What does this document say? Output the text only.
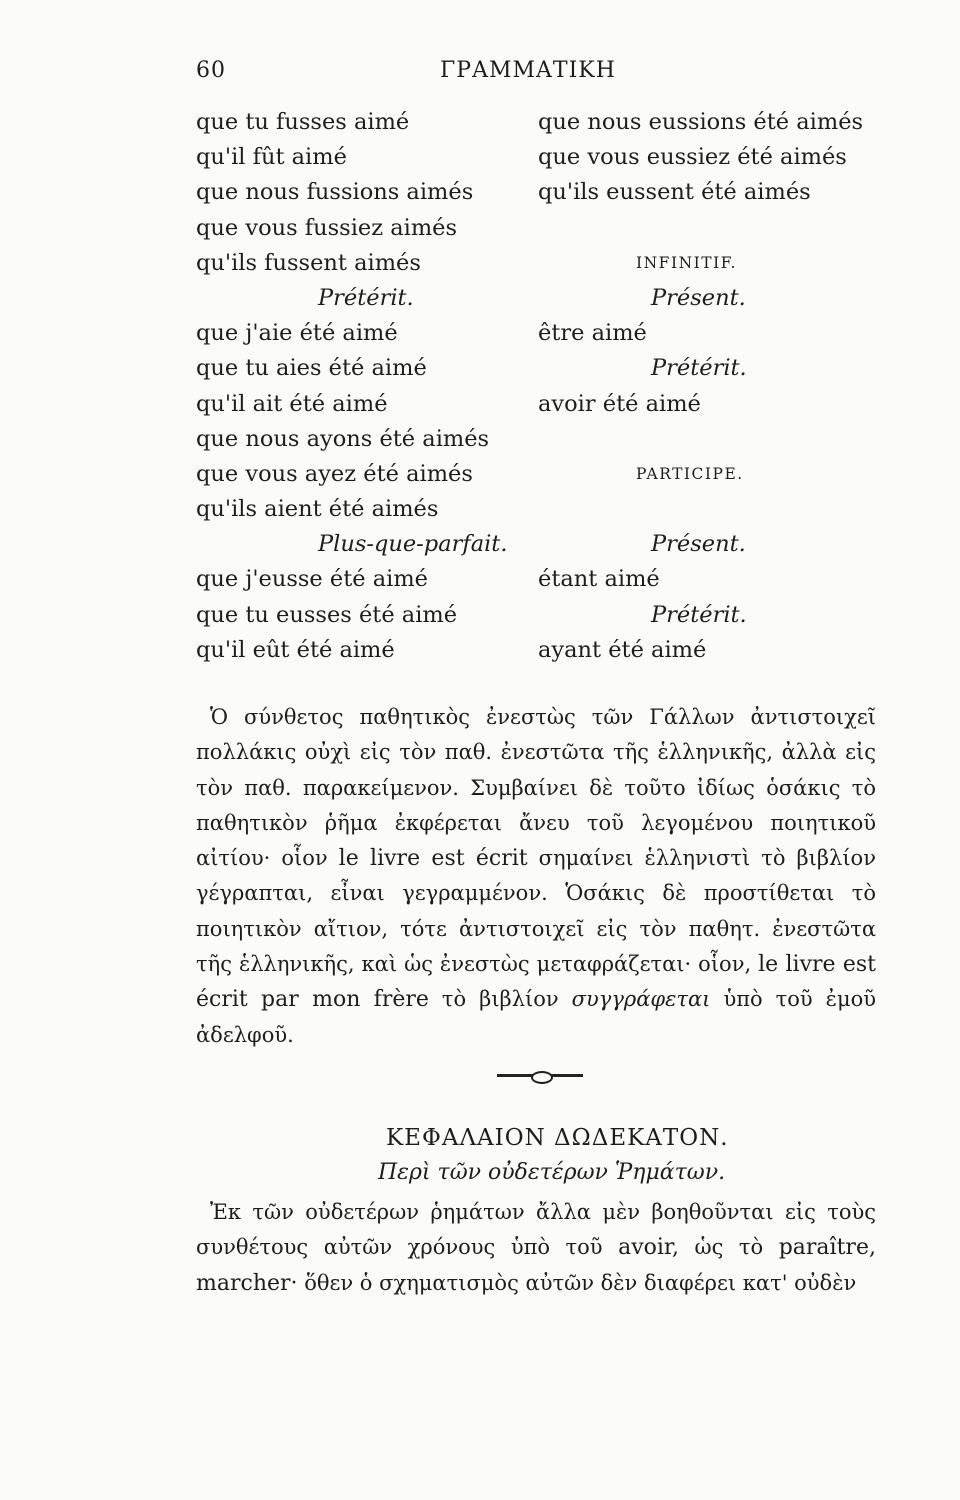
60	ΓΡΑΜΜΑΤΙΚΗ
que tu fusses aimé	que nous eussions été aimés
qu'il fût aimé	que vous eussiez été aimés
que nous fussions aimés	qu'ils eussent été aimés
que vous fussiez aimés
qu'ils fussent aimés	INFINITIF.
Prétérit.	Présent.
que j'aie été aimé	être aimé
que tu aies été aimé	Prétérit.
qu'il ait été aimé	avoir été aimé
que nous ayons été aimés
que vous ayez été aimés	PARTICIPE.
qu'ils aient été aimés
Plus-que-parfait.	Présent.
que j'eusse été aimé	étant aimé
que tu eusses été aimé	Prétérit.
qu'il eût été aimé	ayant été aimé

Ὁ σύνθετος παθητικὸς ἐνεστὼς τῶν Γάλλων ἀντιστοιχεῖ πολλάκις οὐχὶ εἰς τὸν παθ. ἐνεστῶτα τῆς ἑλληνικῆς, ἀλλὰ εἰς τὸν παθ. παρακείμενον. Συμβαίνει δὲ τοῦτο ἰδίως ὁσάκις τὸ παθητικὸν ῥῆμα ἐκφέρεται ἄνευ τοῦ λεγομένου ποιητικοῦ αἰτίου· οἷον le livre est écrit σημαίνει ἑλληνιστὶ τὸ βιβλίον γέγραπται, εἶναι γεγραμμένον. Ὁσάκις δὲ προστίθεται τὸ ποιητικὸν αἴτιον, τότε ἀντιστοιχεῖ εἰς τὸν παθητ. ἐνεστῶτα τῆς ἑλληνικῆς, καὶ ὡς ἐνεστὼς μεταφράζεται· οἷον, le livre est écrit par mon frère τὸ βιβλίον συγγράφεται ὑπὸ τοῦ ἐμοῦ ἀδελφοῦ.

ΚΕΦΑΛΑΙΟΝ ΔΩΔΕΚΑΤΟΝ.
Περὶ τῶν οὐδετέρων Ῥημάτων.

Ἐκ τῶν οὐδετέρων ῥημάτων ἄλλα μὲν βοηθοῦνται εἰς τοὺς συνθέτους αὐτῶν χρόνους ὑπὸ τοῦ avoir, ὡς τὸ paraître, marcher· ὅθεν ὁ σχηματισμὸς αὐτῶν δὲν διαφέρει κατ' οὐδὲν
